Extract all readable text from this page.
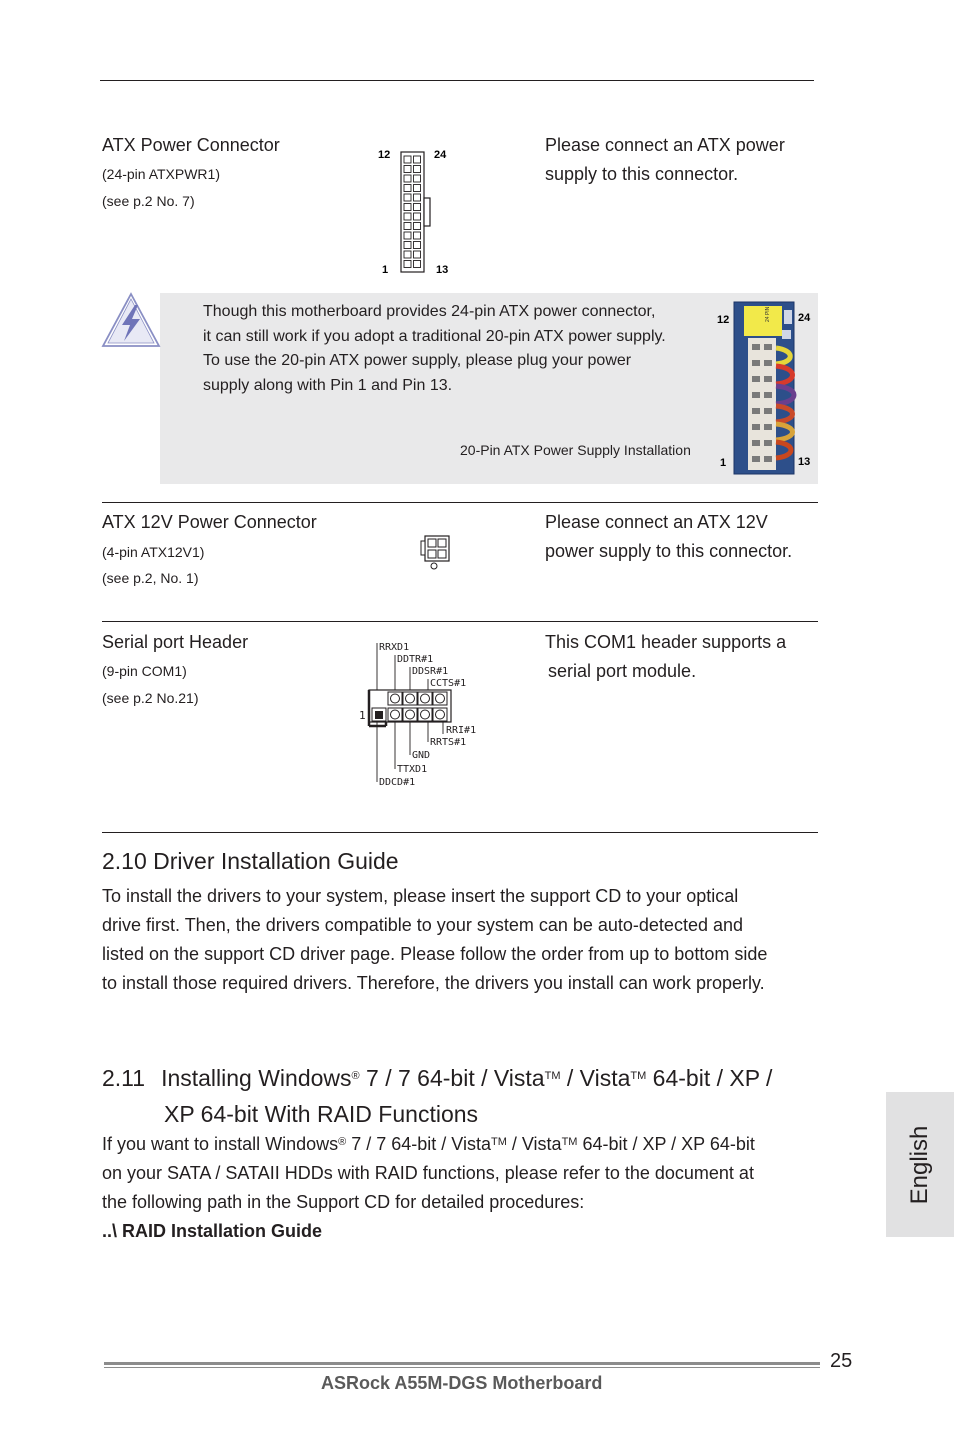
ATX Power Connector
(24-pin ATXPWR1)
(see p.2 No. 7)
12	24
1	13
Please connect an ATX power
supply to this connector.
Though this motherboard provides 24-pin ATX power connector,
it can still work if you adopt a traditional 20-pin ATX power supply.
To use the 20-pin ATX power supply, please plug your power
supply along with Pin 1 and Pin 13.
20-Pin ATX Power Supply Installation
24 PIN
12	24
1	13
ATX 12V Power Connector
(4-pin ATX12V1)
(see p.2, No. 1)
Please connect an ATX 12V
power supply to this connector.
Serial port Header
(9-pin COM1)
(see p.2 No.21)
RRXD1
DDTR#1
DDSR#1
CCTS#1
RRI#1
RRTS#1
GND
TTXD1
DDCD#1
1
This COM1 header supports a
serial port module.
2.10 Driver Installation Guide
To install the drivers to your system, please insert the support CD to your optical
drive first. Then, the drivers compatible to your system can be auto-detected and
listed on the support CD driver page. Please follow the order from up to bottom side
to install those required drivers. Therefore, the drivers you install can work properly.
2.11 Installing Windows® 7 / 7 64-bit / Vista™ / Vista™ 64-bit / XP /
XP 64-bit With RAID Functions
If you want to install Windows® 7 / 7 64-bit / Vista™ / Vista™ 64-bit / XP / XP 64-bit
on your SATA / SATAII HDDs with RAID functions, please refer to the document at
the following path in the Support CD for detailed procedures:
..\ RAID Installation Guide
English
25
ASRock A55M-DGS Motherboard
